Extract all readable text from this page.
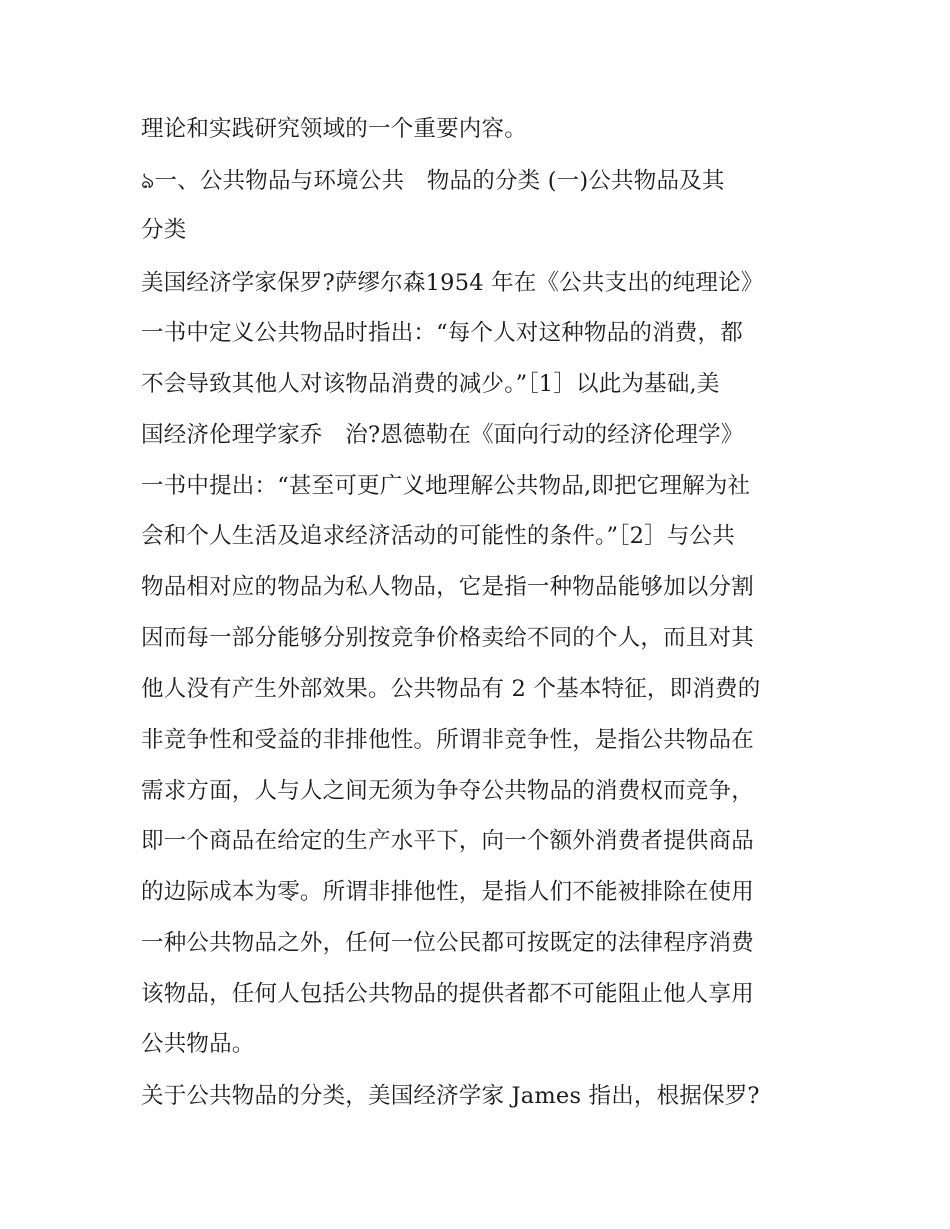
理论和实践研究领域的一个重要内容。
ঌ一、公共物品与环境公共　物品的分类 (一)公共物品及其
分类
美国经济学家保罗?萨缪尔森1954 年在《公共支出的纯理论》
一书中定义公共物品时指出：“每个人对这种物品的消费，都
不会导致其他人对该物品消费的减少。”［1］以此为基础,美
国经济伦理学家乔　治?恩德勒在《面向行动的经济伦理学》
一书中提出：“甚至可更广义地理解公共物品,即把它理解为社
会和个人生活及追求经济活动的可能性的条件。”［2］与公共
物品相对应的物品为私人物品，它是指一种物品能够加以分割
因而每一部分能够分别按竞争价格卖给不同的个人，而且对其
他人没有产生外部效果。公共物品有 2 个基本特征，即消费的
非竞争性和受益的非排他性。所谓非竞争性，是指公共物品在
需求方面，人与人之间无须为争夺公共物品的消费权而竞争，
即一个商品在给定的生产水平下，向一个额外消费者提供商品
的边际成本为零。所谓非排他性，是指人们不能被排除在使用
一种公共物品之外，任何一位公民都可按既定的法律程序消费
该物品，任何人包括公共物品的提供者都不可能阻止他人享用
公共物品。
关于公共物品的分类，美国经济学家 James 指出，根据保罗?
